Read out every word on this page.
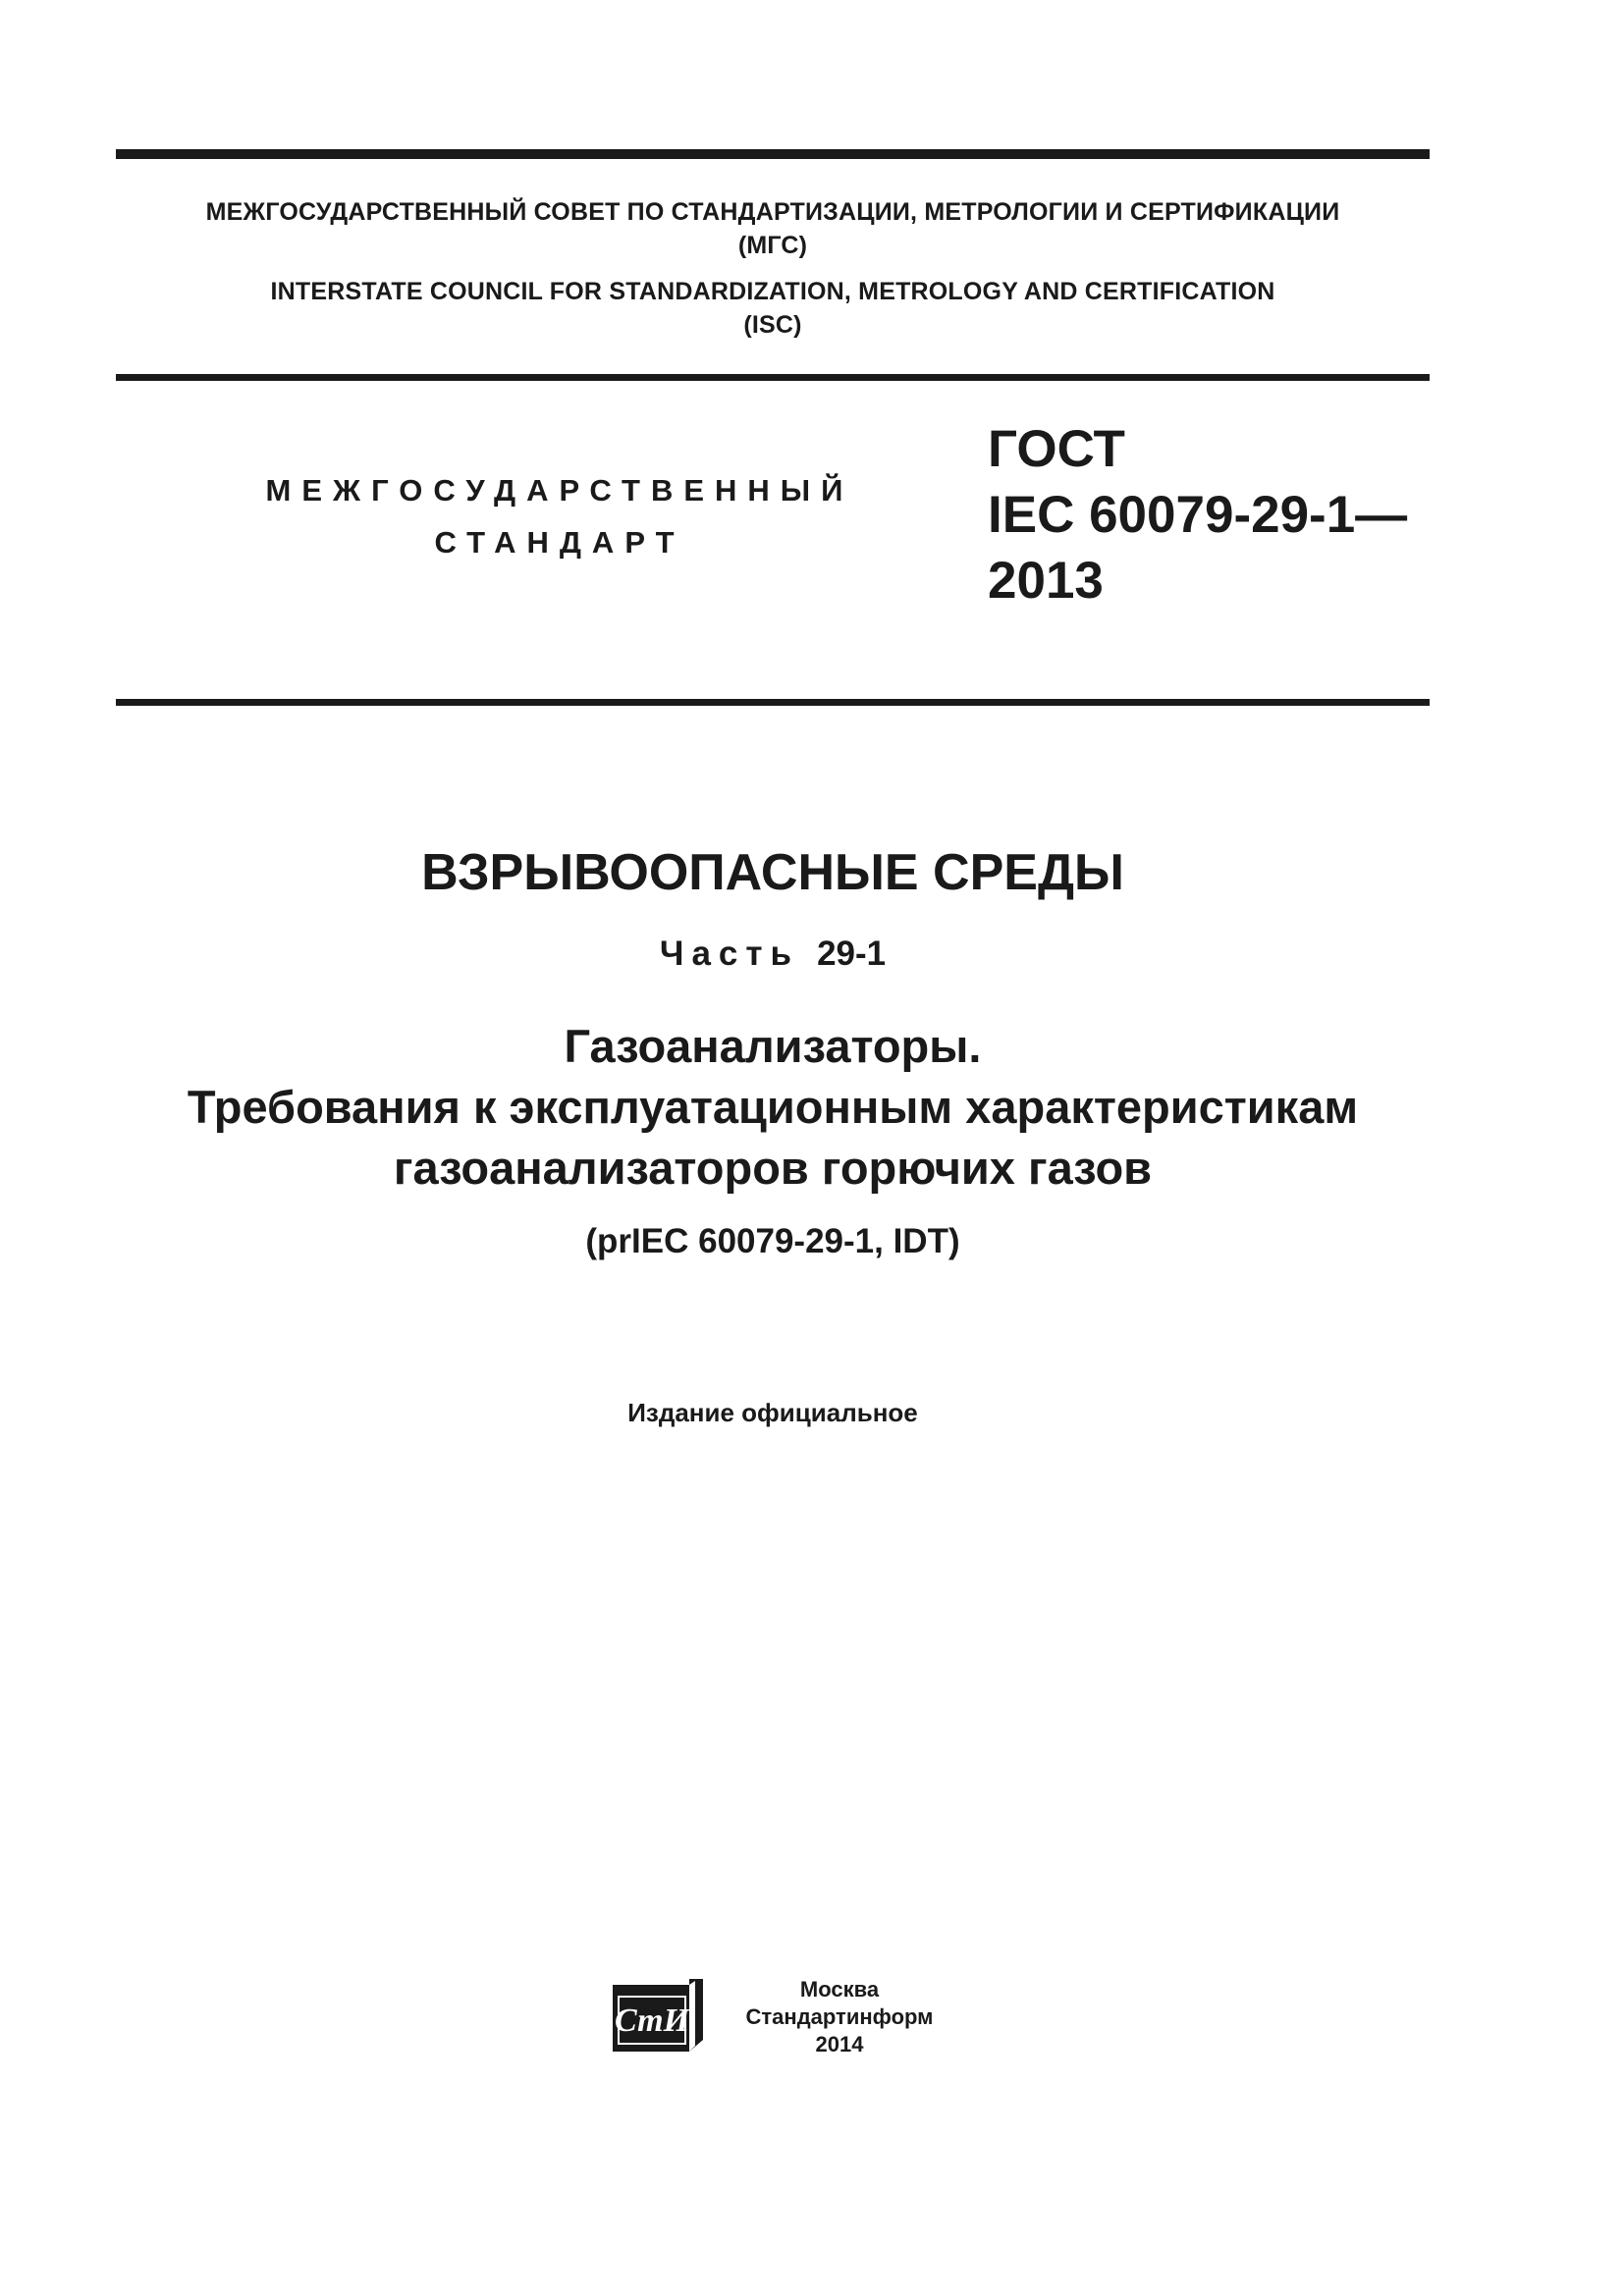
МЕЖГОСУДАРСТВЕННЫЙ СОВЕТ ПО СТАНДАРТИЗАЦИИ, МЕТРОЛОГИИ И СЕРТИФИКАЦИИ
(МГС)
INTERSTATE COUNCIL FOR STANDARDIZATION, METROLOGY AND CERTIFICATION
(ISC)
МЕЖГОСУДАРСТВЕННЫЙ
СТАНДАРТ
ГОСТ
IEC 60079-29-1—
2013
ВЗРЫВООПАСНЫЕ СРЕДЫ
Часть 29-1
Газоанализаторы.
Требования к эксплуатационным характеристикам
газоанализаторов горючих газов
(prIEC 60079-29-1, IDT)
Издание официальное
СтИ
Москва
Стандартинформ
2014
